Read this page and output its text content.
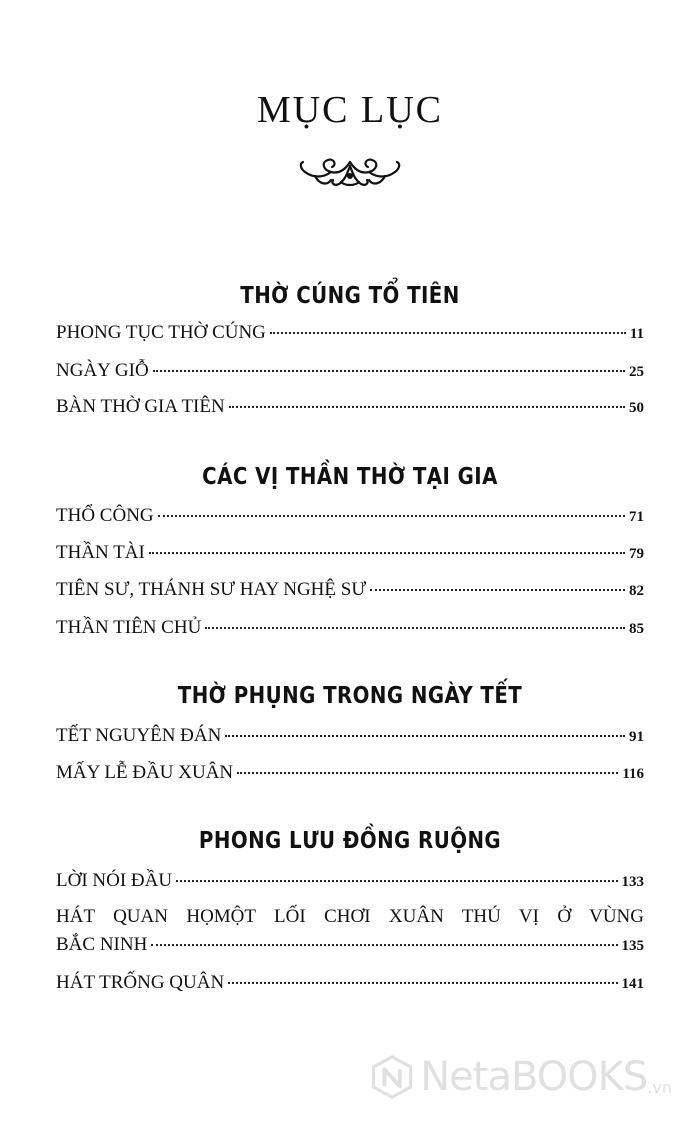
MỤC LỤC
THỜ CÚNG TỔ TIÊN
PHONG TỤC THỜ CÚNG	11
NGÀY GIỖ	25
BÀN THỜ GIA TIÊN	50
CÁC VỊ THẦN THỜ TẠI GIA
THỔ CÔNG	71
THẦN TÀI	79
TIÊN SƯ, THÁNH SƯ HAY NGHỆ SƯ	82
THẦN TIÊN CHỦ	85
THỜ PHỤNG TRONG NGÀY TẾT
TẾT NGUYÊN ĐÁN	91
MẤY LỄ ĐẦU XUÂN	116
PHONG LƯU ĐỒNG RUỘNG
LỜI NÓI ĐẦU	133
HÁT QUAN HỌMỘT LỐI CHƠI XUÂN THÚ VỊ Ở VÙNG
BẮC NINH	135
HÁT TRỐNG QUÂN	141
NetaBOOKS .vn
